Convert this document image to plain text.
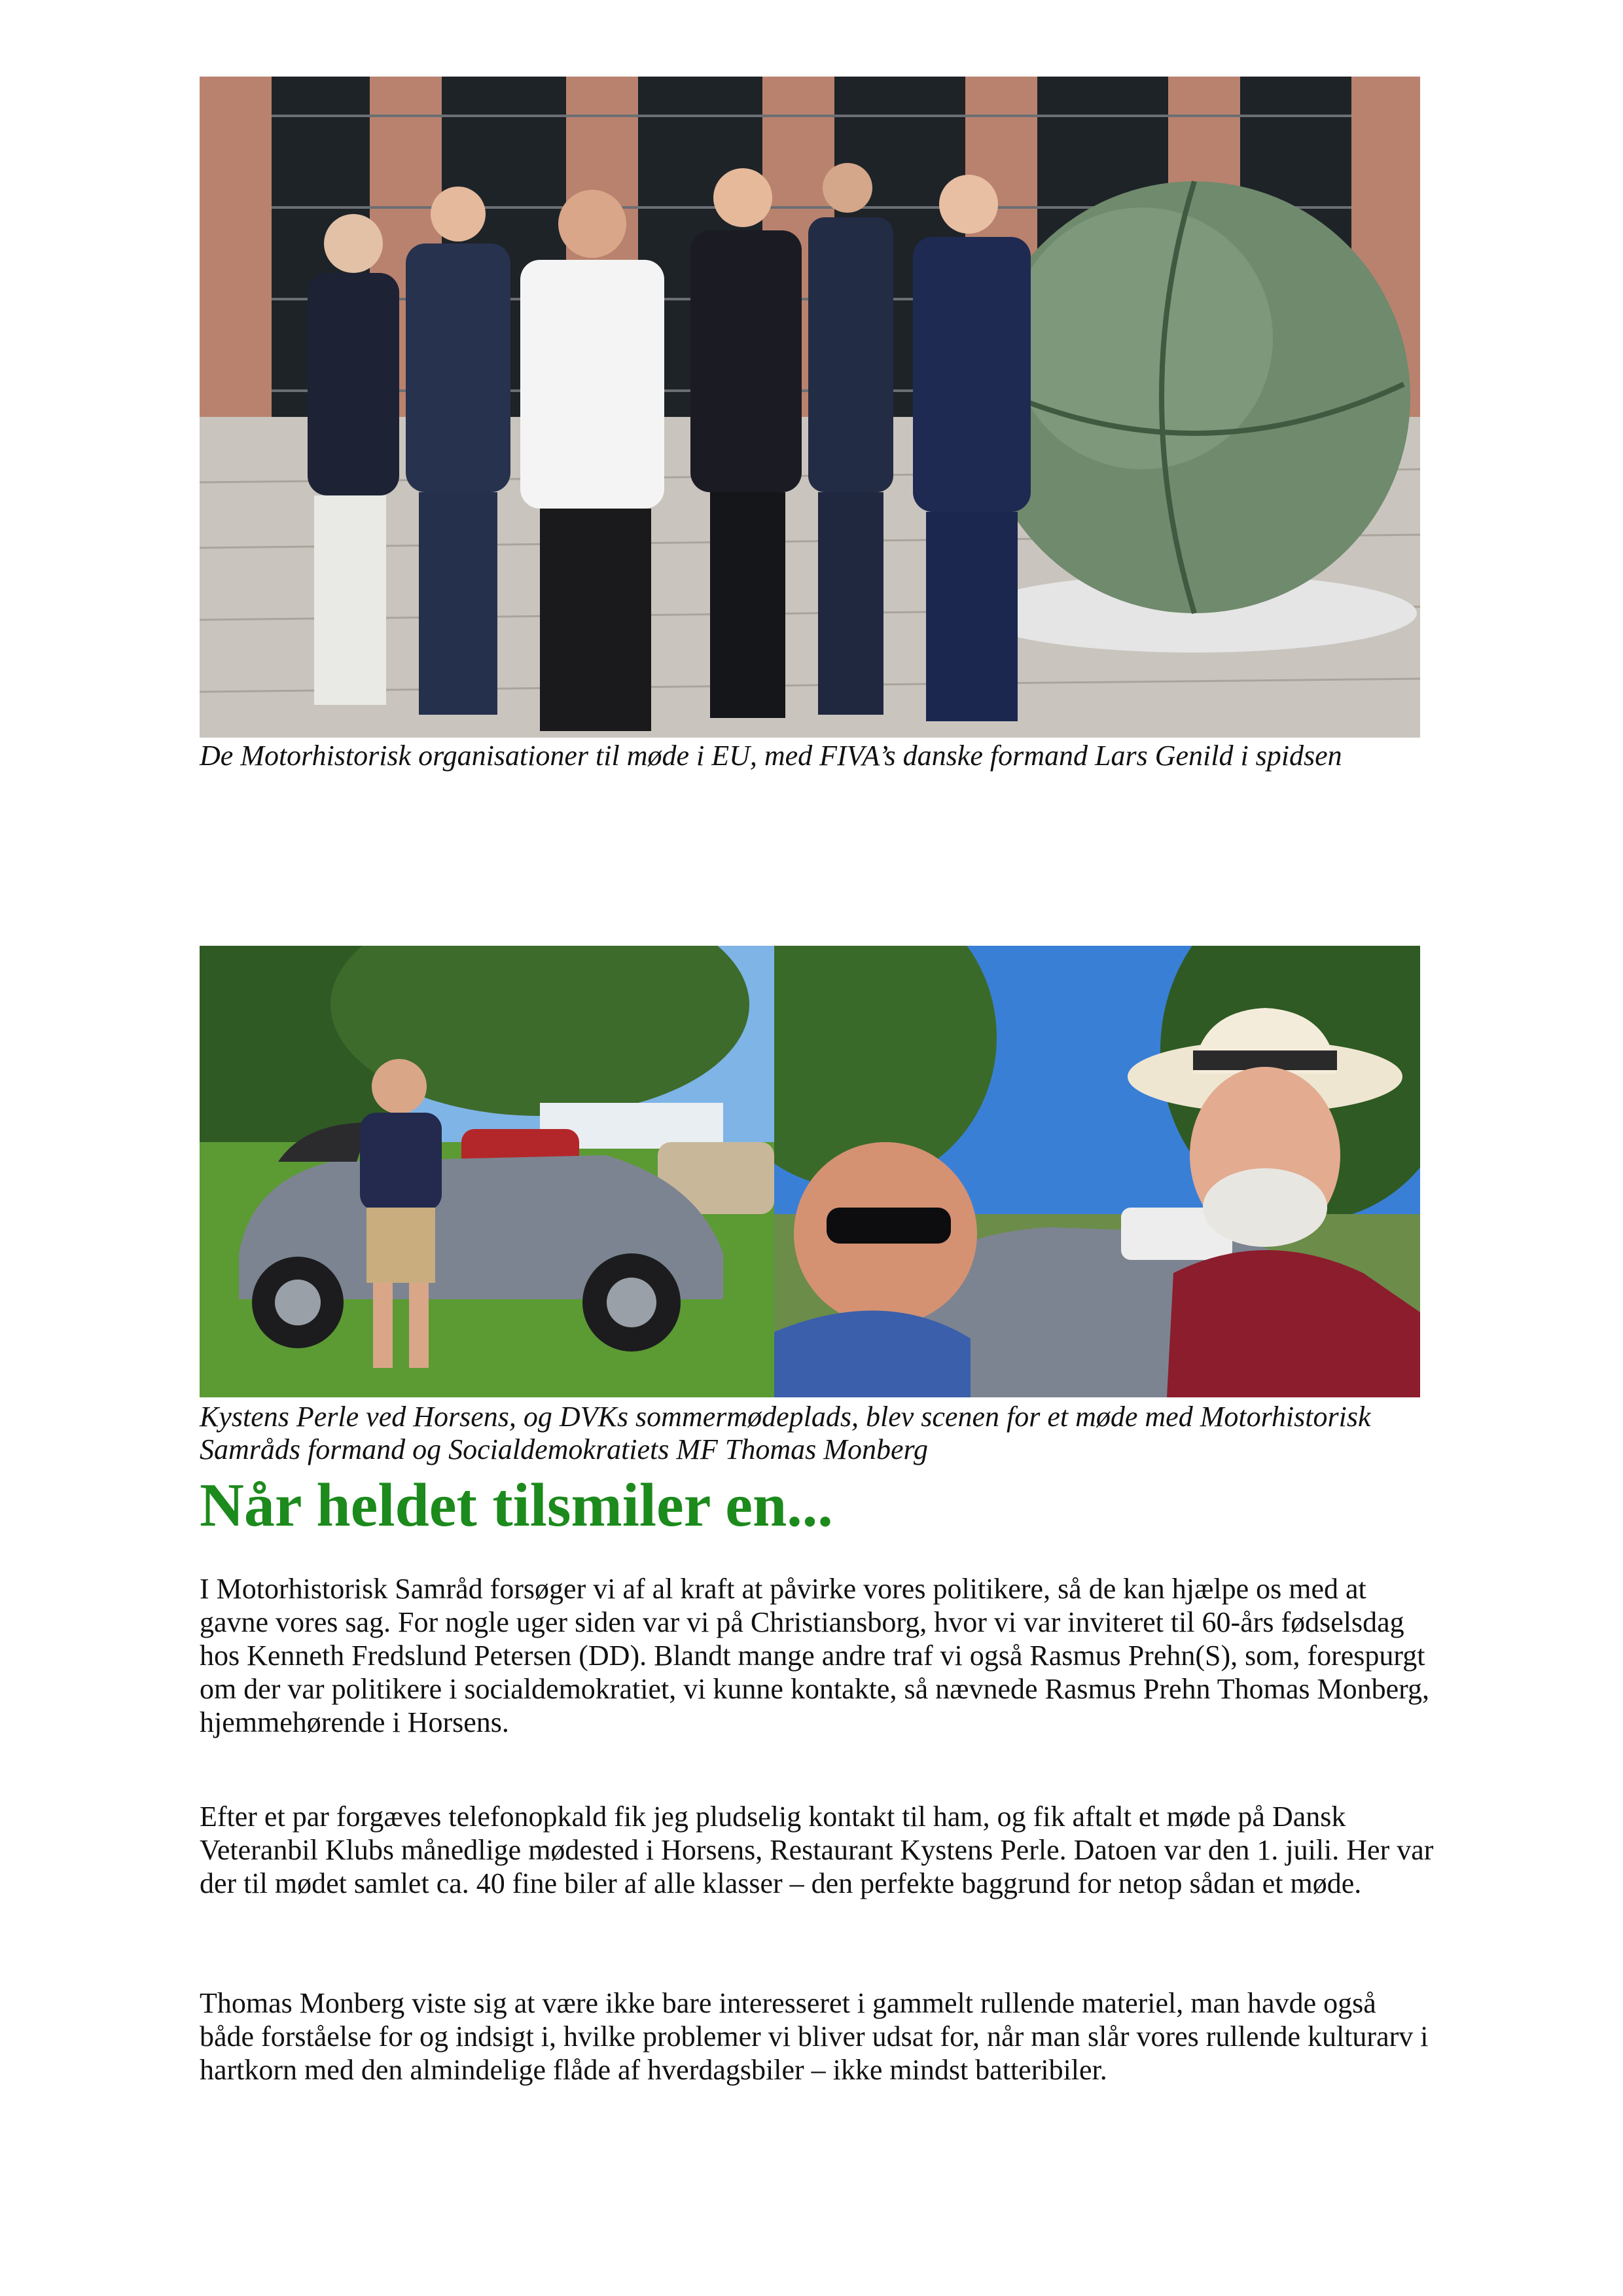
De Motorhistorisk organisationer til møde i EU, med FIVA’s danske formand Lars Genild i spidsen

Kystens Perle ved Horsens, og DVKs sommermødeplads, blev scenen for et møde med Motorhistorisk Samråds formand og Socialdemokratiets MF Thomas Monberg

Når heldet tilsmiler en...

I Motorhistorisk Samråd forsøger vi af al kraft at påvirke vores politikere, så de kan hjælpe os med at gavne vores sag. For nogle uger siden var vi på Christiansborg, hvor vi var inviteret til 60-års fødselsdag hos Kenneth Fredslund Petersen (DD). Blandt mange andre traf vi også Rasmus Prehn(S), som, forespurgt om der var politikere i socialdemokratiet, vi kunne kontakte, så nævnede Rasmus Prehn Thomas Monberg, hjemmehørende i Horsens.

Efter et par forgæves telefonopkald fik jeg pludselig kontakt til ham, og fik aftalt et møde på Dansk Veteranbil Klubs månedlige mødested i Horsens, Restaurant Kystens Perle. Datoen var den 1. juili. Her var der til mødet samlet ca. 40 fine biler af alle klasser – den perfekte baggrund for netop sådan et møde.

Thomas Monberg viste sig at være ikke bare interesseret i gammelt rullende materiel, man havde også både forståelse for og indsigt i, hvilke problemer vi bliver udsat for, når man slår vores rullende kulturarv i hartkorn med den almindelige flåde af hverdagsbiler – ikke mindst batteribiler.
